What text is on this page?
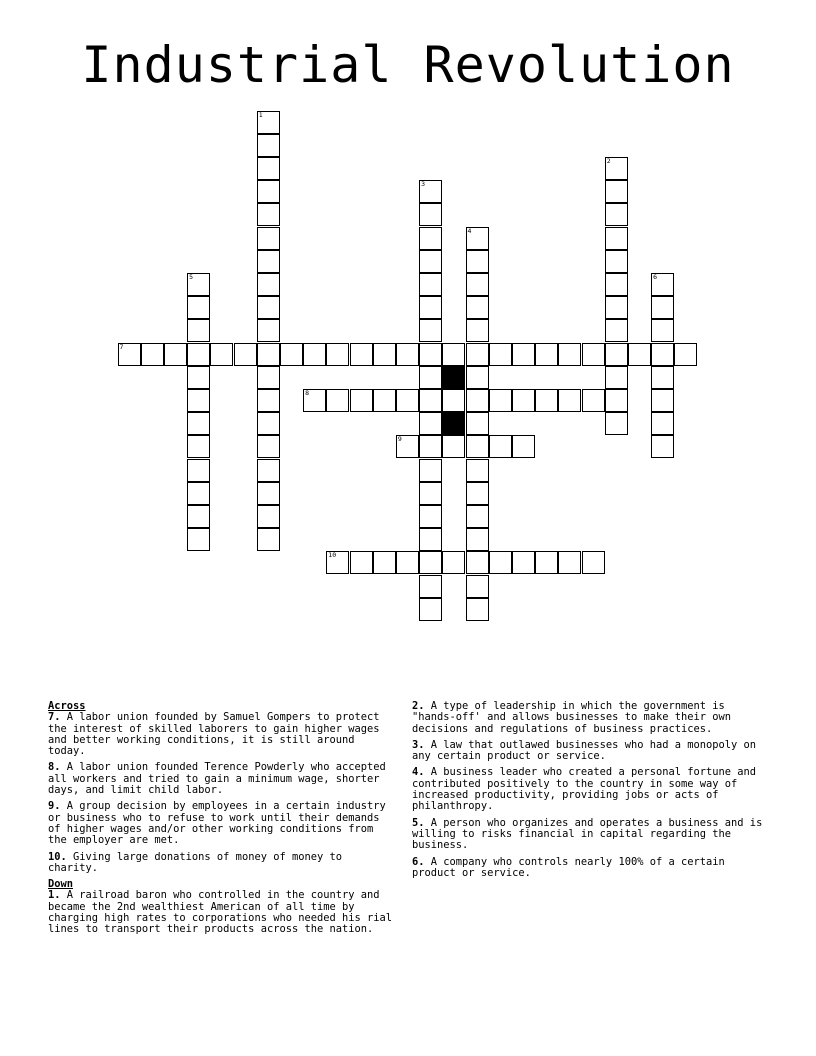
Industrial Revolution
7
8
9
10
1
2
3
4
5	6
Across
7. A labor union founded by Samuel Gompers to protect the interest of skilled laborers to gain higher wages and better working conditions, it is still around today.
8. A labor union founded Terence Powderly who accepted all workers and tried to gain a minimum wage, shorter days, and limit child labor.
9. A group decision by employees in a certain industry or business who to refuse to work until their demands of higher wages and/or other working conditions from the employer are met.
10. Giving large donations of money of money to charity.
Down
1. A railroad baron who controlled in the country and became the 2nd wealthiest American of all time by charging high rates to corporations who needed his rial lines to transport their products across the nation.
2. A type of leadership in which the government is "hands-off' and allows businesses to make their own decisions and regulations of business practices.
3. A law that outlawed businesses who had a monopoly on any certain product or service.
4. A business leader who created a personal fortune and contributed positively to the country in some way of increased productivity, providing jobs or acts of philanthropy.
5. A person who organizes and operates a business and is willing to risks financial in capital regarding the business.
6. A company who controls nearly 100% of a certain product or service.
